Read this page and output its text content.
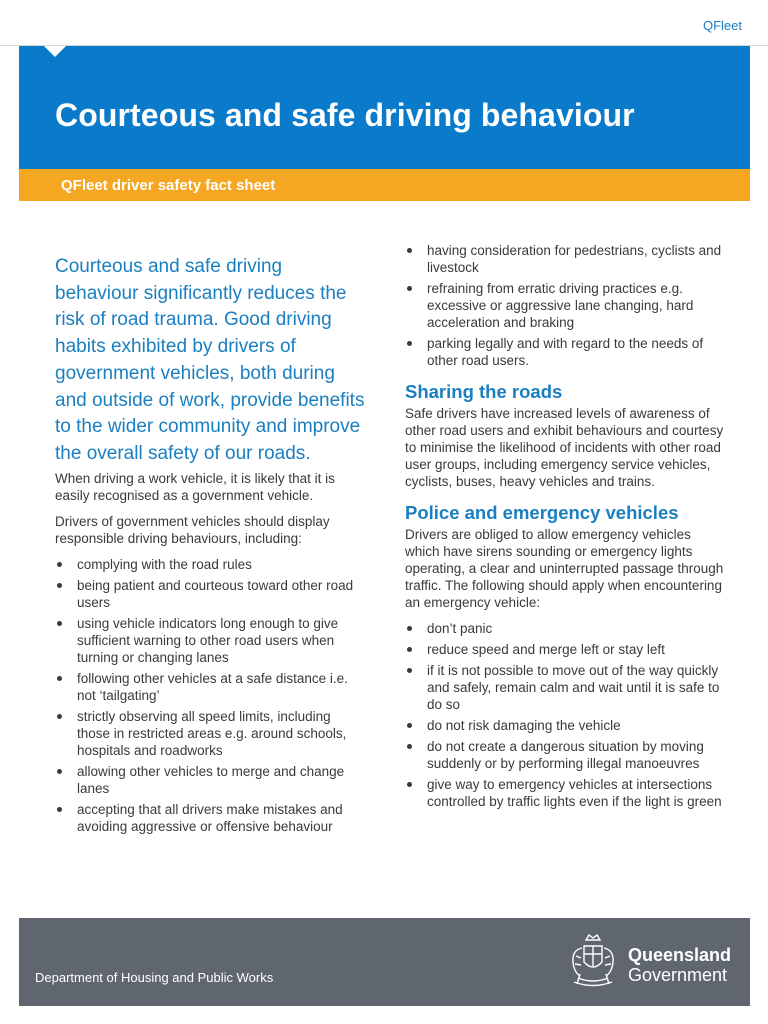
QFleet
Courteous and safe driving behaviour
QFleet driver safety fact sheet

Courteous and safe driving behaviour significantly reduces the risk of road trauma. Good driving habits exhibited by drivers of government vehicles, both during and outside of work, provide benefits to the wider community and improve the overall safety of our roads.

When driving a work vehicle, it is likely that it is easily recognised as a government vehicle.

Drivers of government vehicles should display responsible driving behaviours, including:

complying with the road rules
being patient and courteous toward other road users
using vehicle indicators long enough to give sufficient warning to other road users when turning or changing lanes
following other vehicles at a safe distance i.e. not ‘tailgating’
strictly observing all speed limits, including those in restricted areas e.g. around schools, hospitals and roadworks
allowing other vehicles to merge and change lanes
accepting that all drivers make mistakes and avoiding aggressive or offensive behaviour
having consideration for pedestrians, cyclists and livestock
refraining from erratic driving practices e.g. excessive or aggressive lane changing, hard acceleration and braking
parking legally and with regard to the needs of other road users.
Sharing the roads

Safe drivers have increased levels of awareness of other road users and exhibit behaviours and courtesy to minimise the likelihood of incidents with other road user groups, including emergency service vehicles, cyclists, buses, heavy vehicles and trains.

Police and emergency vehicles

Drivers are obliged to allow emergency vehicles which have sirens sounding or emergency lights operating, a clear and uninterrupted passage through traffic. The following should apply when encountering an emergency vehicle:

don’t panic
reduce speed and merge left or stay left
if it is not possible to move out of the way quickly and safely, remain calm and wait until it is safe to do so
do not risk damaging the vehicle
do not create a dangerous situation by moving suddenly or by performing illegal manoeuvres
give way to emergency vehicles at intersections controlled by traffic lights even if the light is green
Department of Housing and Public Works
Queensland
Government
